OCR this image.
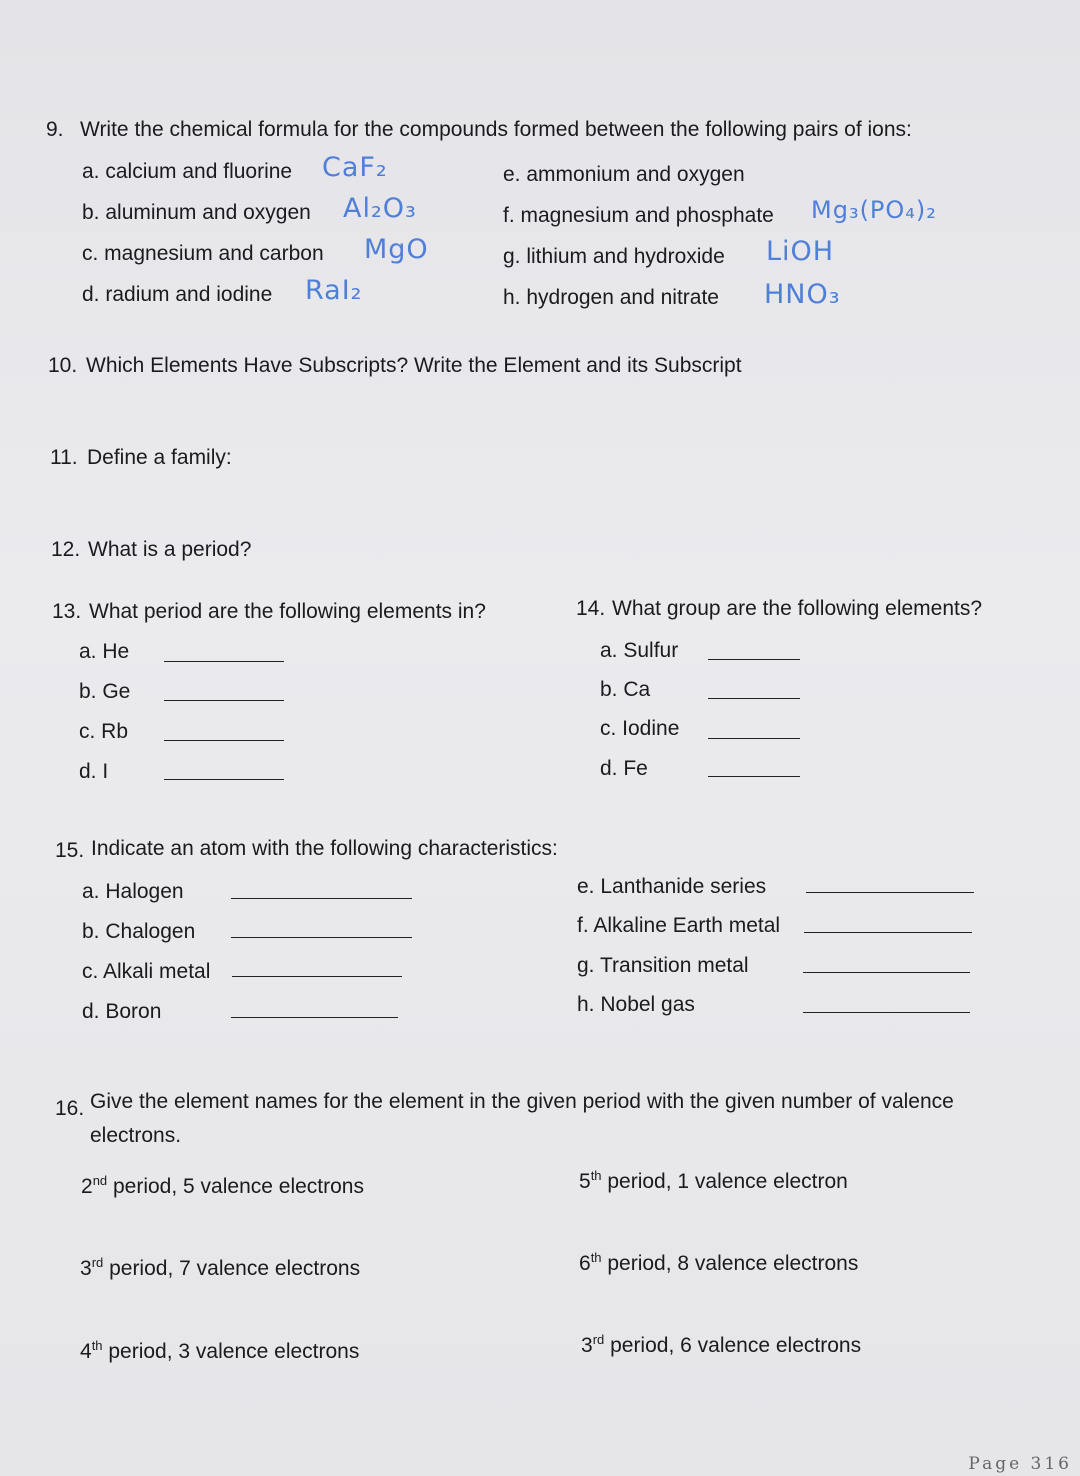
9. Write the chemical formula for the compounds formed between the following pairs of ions:
a. calcium and fluorine CaF₂
b. aluminum and oxygen Al₂O₃
c. magnesium and carbon MgO
d. radium and iodine RaI₂
e. ammonium and oxygen
f. magnesium and phosphate Mg₃(PO₄)₂
g. lithium and hydroxide LiOH
h. hydrogen and nitrate HNO₃
10. Which Elements Have Subscripts? Write the Element and its Subscript
11. Define a family:
12. What is a period?
13. What period are the following elements in?
a. He
b. Ge
c. Rb
d. I
14. What group are the following elements?
a. Sulfur
b. Ca
c. Iodine
d. Fe
15. Indicate an atom with the following characteristics:
a. Halogen
b. Chalogen
c. Alkali metal
d. Boron
e. Lanthanide series
f. Alkaline Earth metal
g. Transition metal
h. Nobel gas
16. Give the element names for the element in the given period with the given number of valence
electrons.
2nd period, 5 valence electrons
3rd period, 7 valence electrons
4th period, 3 valence electrons
5th period, 1 valence electron
6th period, 8 valence electrons
3rd period, 6 valence electrons
Page 316
